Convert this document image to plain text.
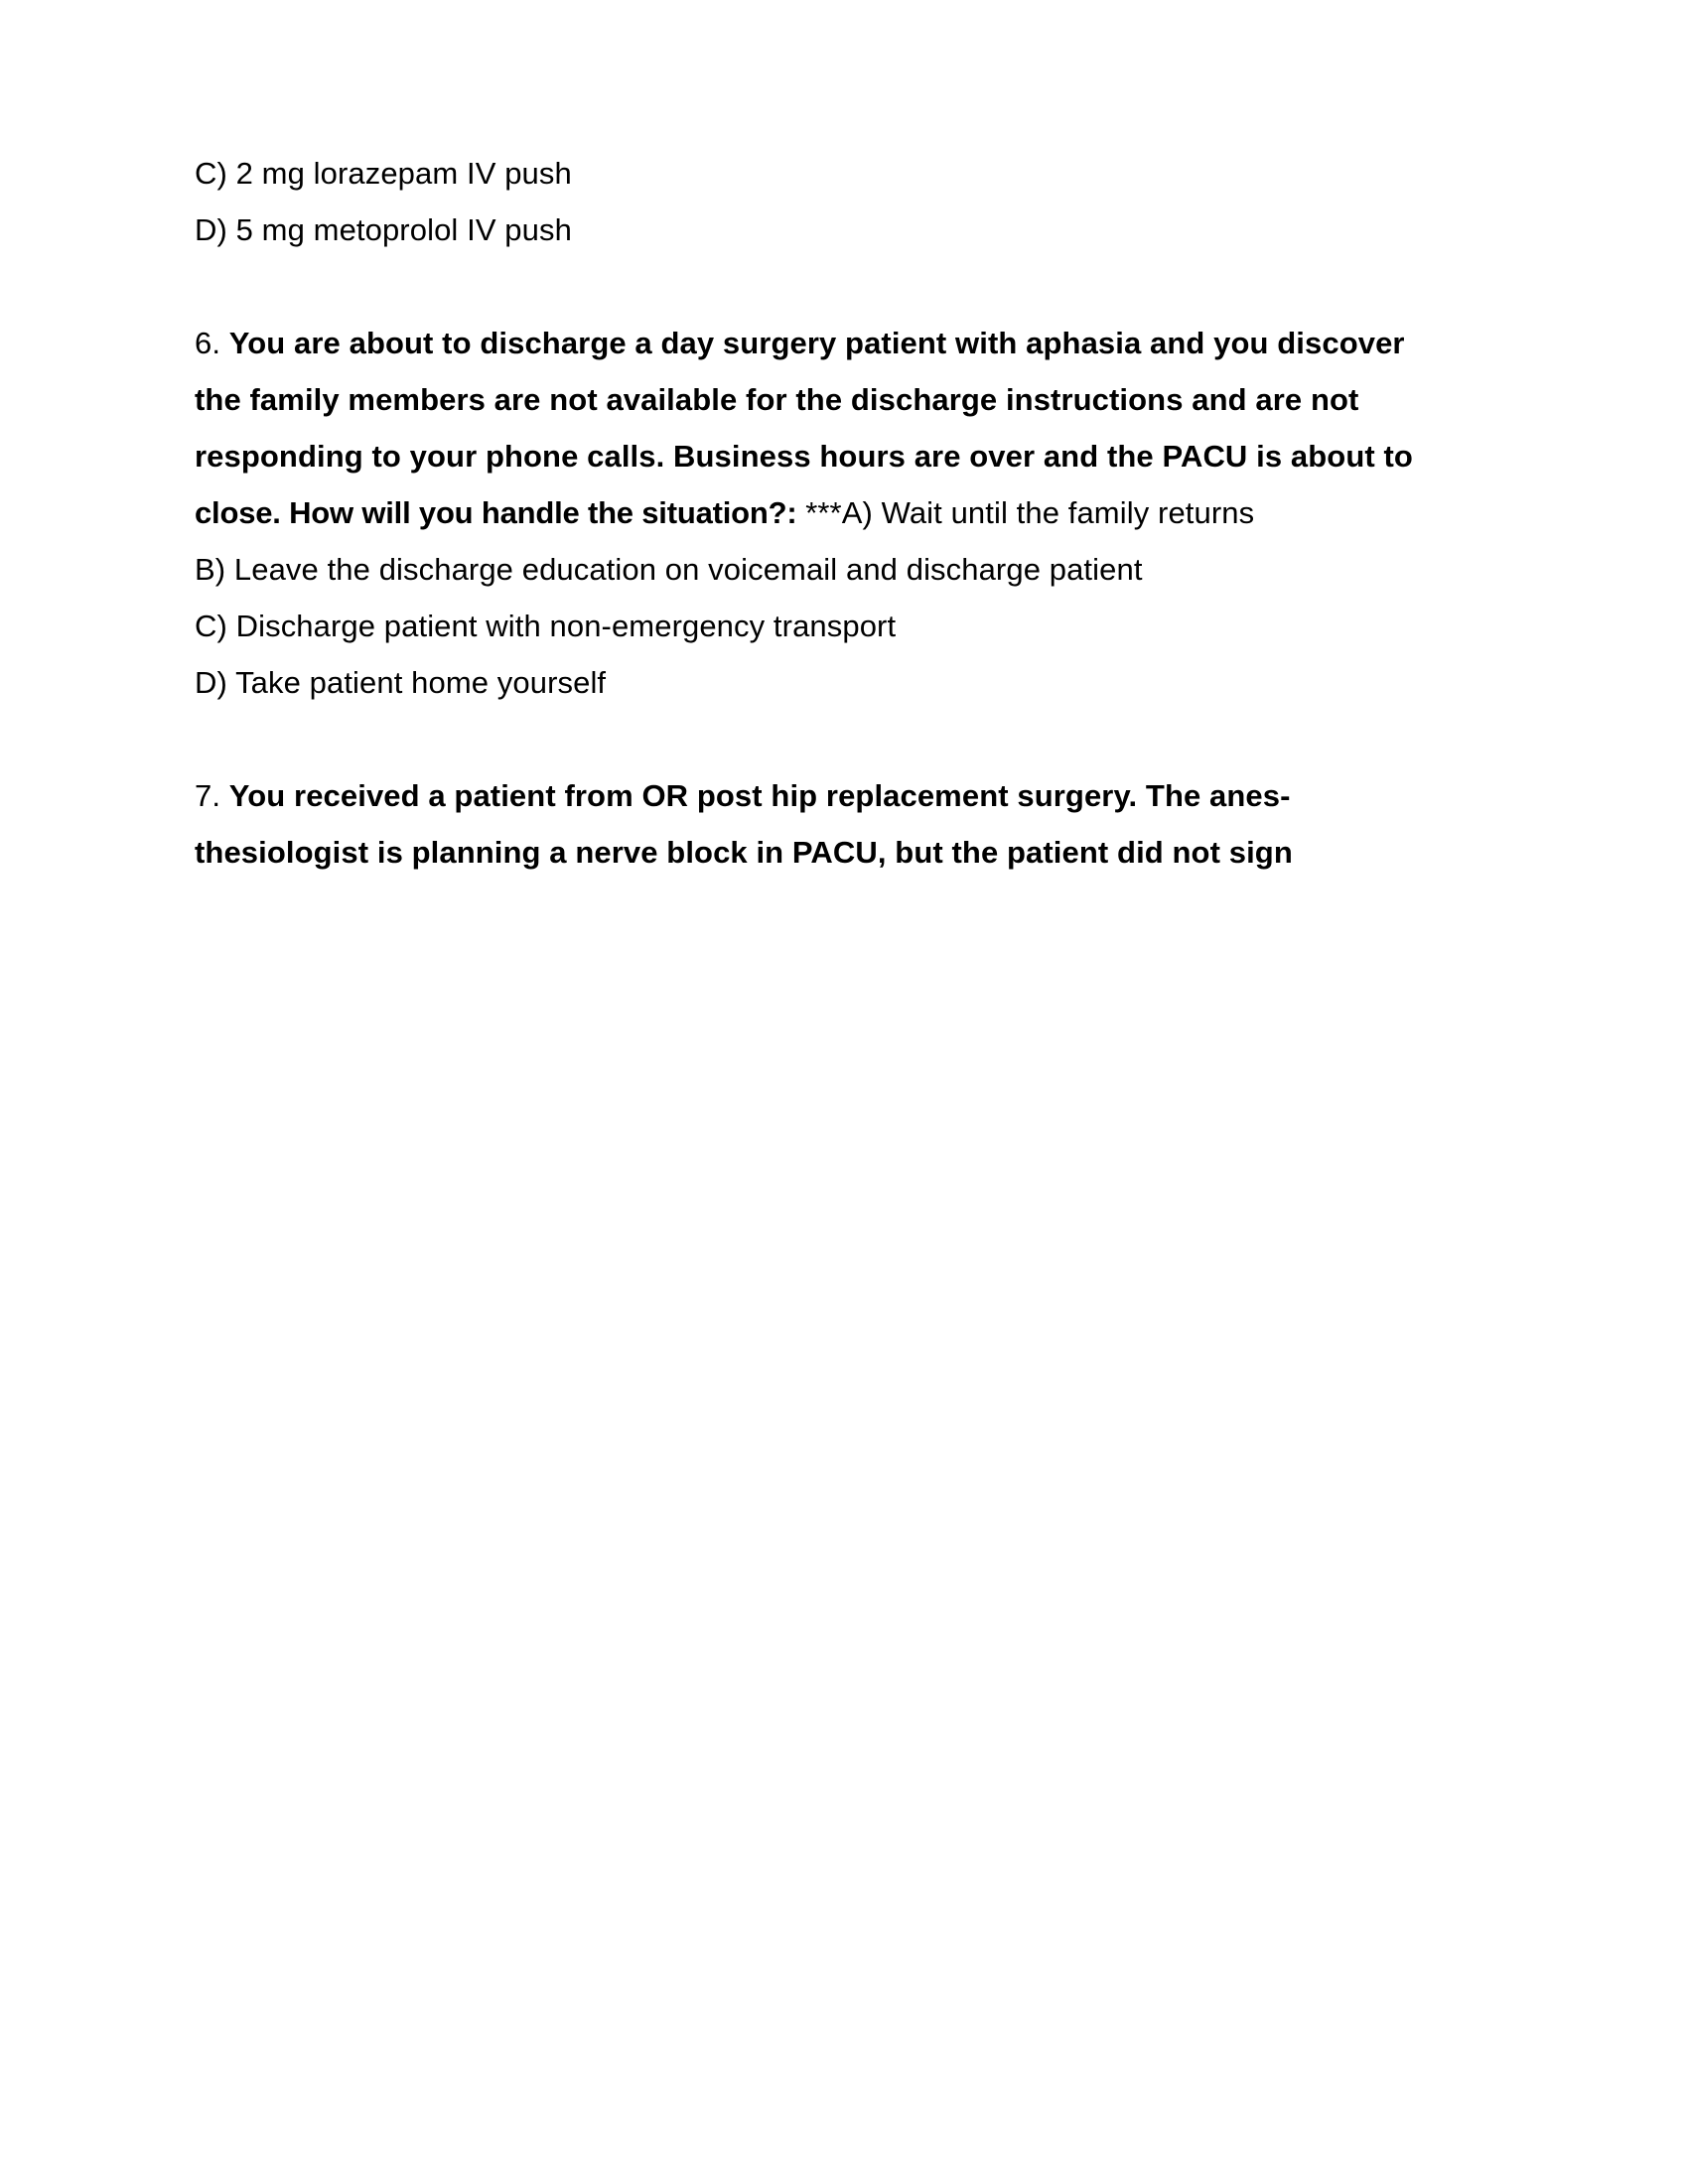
C) 2 mg lorazepam IV push
D) 5 mg metoprolol IV push
6. You are about to discharge a day surgery patient with aphasia and you discover
the family members are not available for the discharge instructions and are not
responding to your phone calls. Business hours are over and the PACU is about to
close. How will you handle the situation?: ***A) Wait until the family returns
B) Leave the discharge education on voicemail and discharge patient
C) Discharge patient with non-emergency transport
D) Take patient home yourself
7. You received a patient from OR post hip replacement surgery. The anes-
thesiologist is planning a nerve block in PACU, but the patient did not sign
